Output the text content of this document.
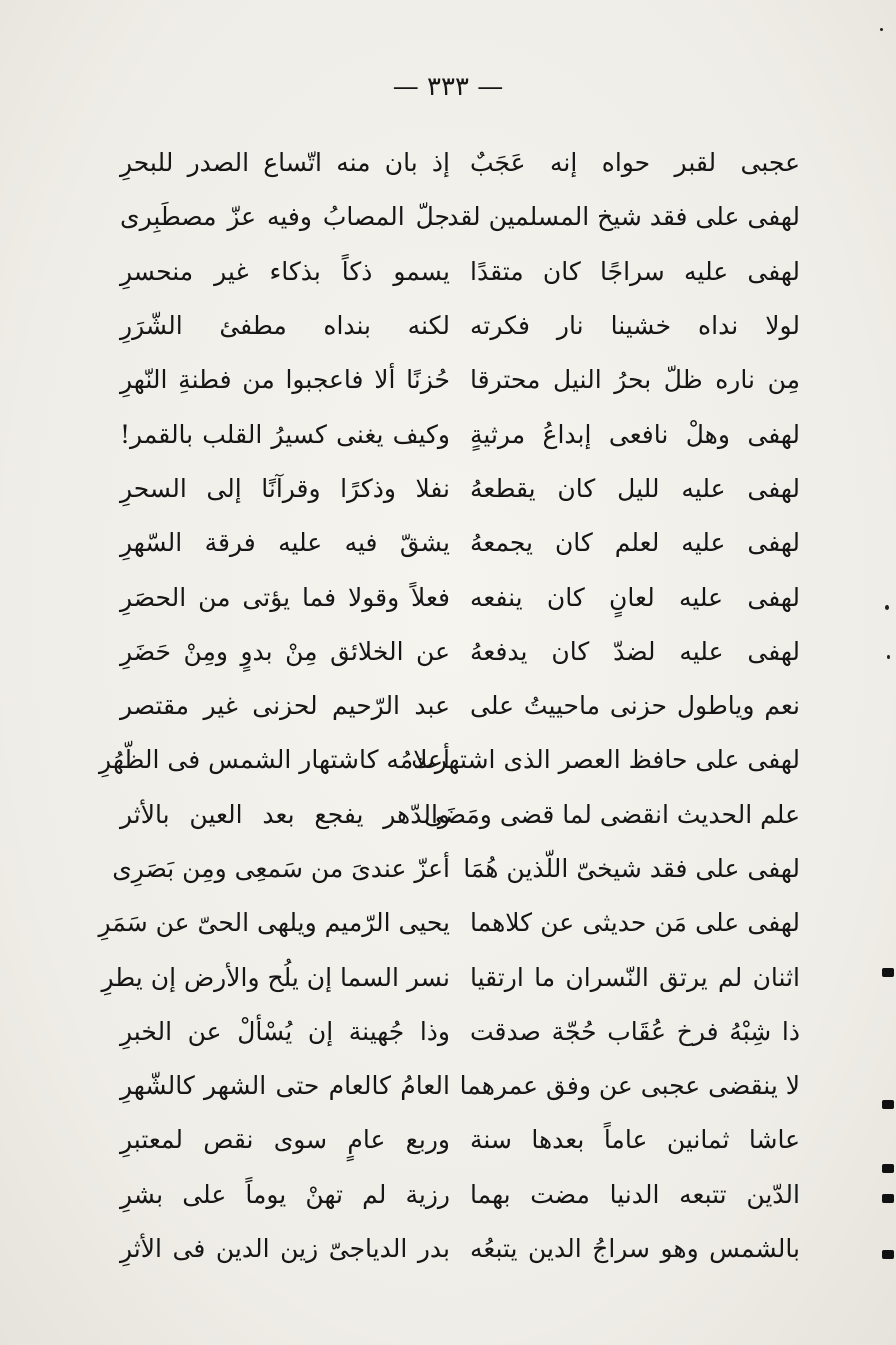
— ٣٣٣ —
عجبى لقبر حواه إنه عَجَبٌ
إذ بان منه اتّساع الصدر للبحرِ
لهفى على فقد شيخ المسلمين لقد
جلّ المصابُ وفيه عزّ مصطَبِرى
لهفى عليه سراجًا كان متقدًا
يسمو ذكاً بذكاء غير منحسرِ
لولا نداه خشينا نار فكرته
لكنه بنداه مطفئ الشّرَرِ
مِن ناره ظلّ بحرُ النيل محترقا
حُزنًا ألا فاعجبوا من فطنةِ النّهرِ
لهفى وهلْ نافعى إبداعُ مرثيةٍ
وكيف يغنى كسيرُ القلب بالقمر!
لهفى عليه لليل كان يقطعهُ
نفلا وذكرًا وقرآنًا إلى السحرِ
لهفى عليه لعلم كان يجمعهُ
يشقّ فيه عليه فرقة السّهرِ
لهفى عليه لعانٍ كان ينفعه
فعلاً وقولا فما يؤتى من الحصَرِ
لهفى عليه لضدّ كان يدفعهُ
عن الخلائق مِنْ بدوٍ ومِنْ حَضَرِ
نعم وياطول حزنى ماحييتُ على
عبد الرّحيم لحزنى غير مقتصر
لهفى على حافظ العصر الذى اشتهرت
أعلامُه كاشتهار الشمس فى الظّهُرِ
علم الحديث انقضى لما قضى ومَضَى
والدّهر يفجع بعد العين بالأثر
لهفى على فقد شيخىّ اللّذين هُمَا
أعزّ عندىَ من سَمعِى ومِن بَصَرِى
لهفى على مَن حديثى عن كلاهما
يحيى الرّميم ويلهى الحىّ عن سَمَرِ
اثنان لم يرتق النّسران ما ارتقيا
نسر السما إن يلُح والأرض إن يطرِ
ذا شِبْهُ فرخ عُقَاب حُجّة صدقت
وذا جُهينة إن يُسْألْ عن الخبرِ
لا ينقضى عجبى عن وفق عمرهما
العامُ كالعام حتى الشهر كالشّهرِ
عاشا ثمانين عاماً بعدها سنة
وربع عامٍ سوى نقص لمعتبرِ
الدّين تتبعه الدنيا مضت بهما
رزية لم تهنْ يوماً على بشرِ
بالشمس وهو سراجُ الدين يتبعُه
بدر الدياجىّ زين الدين فى الأثرِ
